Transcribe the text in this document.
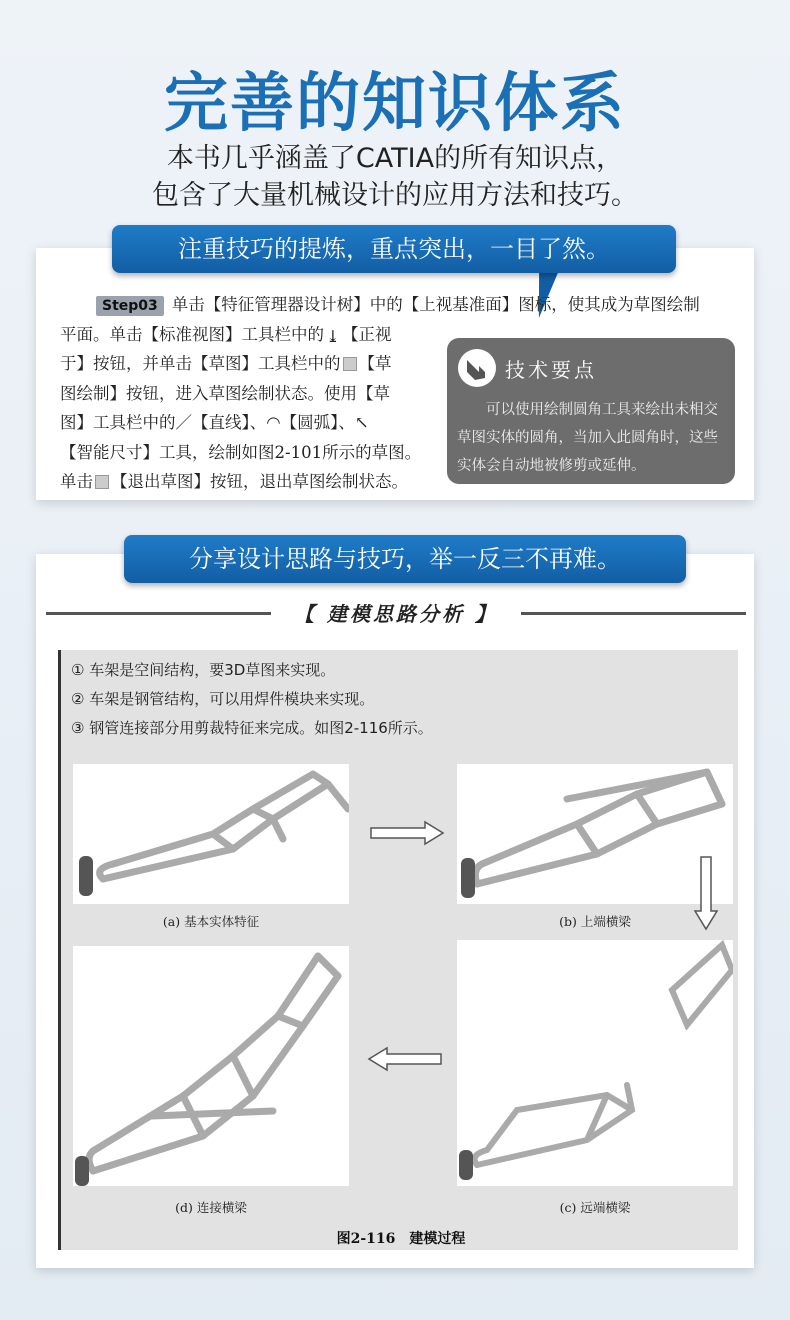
完善的知识体系
本书几乎涵盖了CATIA的所有知识点，
包含了大量机械设计的应用方法和技巧。
注重技巧的提炼，重点突出，一目了然。
Step03 单击【特征管理器设计树】中的【上视基准面】图标，使其成为草图绘制
平面。单击【标准视图】工具栏中的 ⤓ 【正视
于】按钮，并单击【草图】工具栏中的 【草
图绘制】按钮，进入草图绘制状态。使用【草
图】工具栏中的／【直线】、◠【圆弧】、↖
【智能尺寸】工具，绘制如图2-101所示的草图。
单击 【退出草图】按钮，退出草图绘制状态。
技术要点
可以使用绘制圆角工具来绘出未相交草图实体的圆角，当加入此圆角时，这些实体会自动地被修剪或延伸。
分享设计思路与技巧，举一反三不再难。
【 建模思路分析 】
① 车架是空间结构，要3D草图来实现。
② 车架是钢管结构，可以用焊件模块来实现。
③ 钢管连接部分用剪裁特征来完成。如图2-116所示。
(a) 基本实体特征	(b) 上端横梁
(d) 连接横梁	(c) 远端横梁
图2-116　建模过程
